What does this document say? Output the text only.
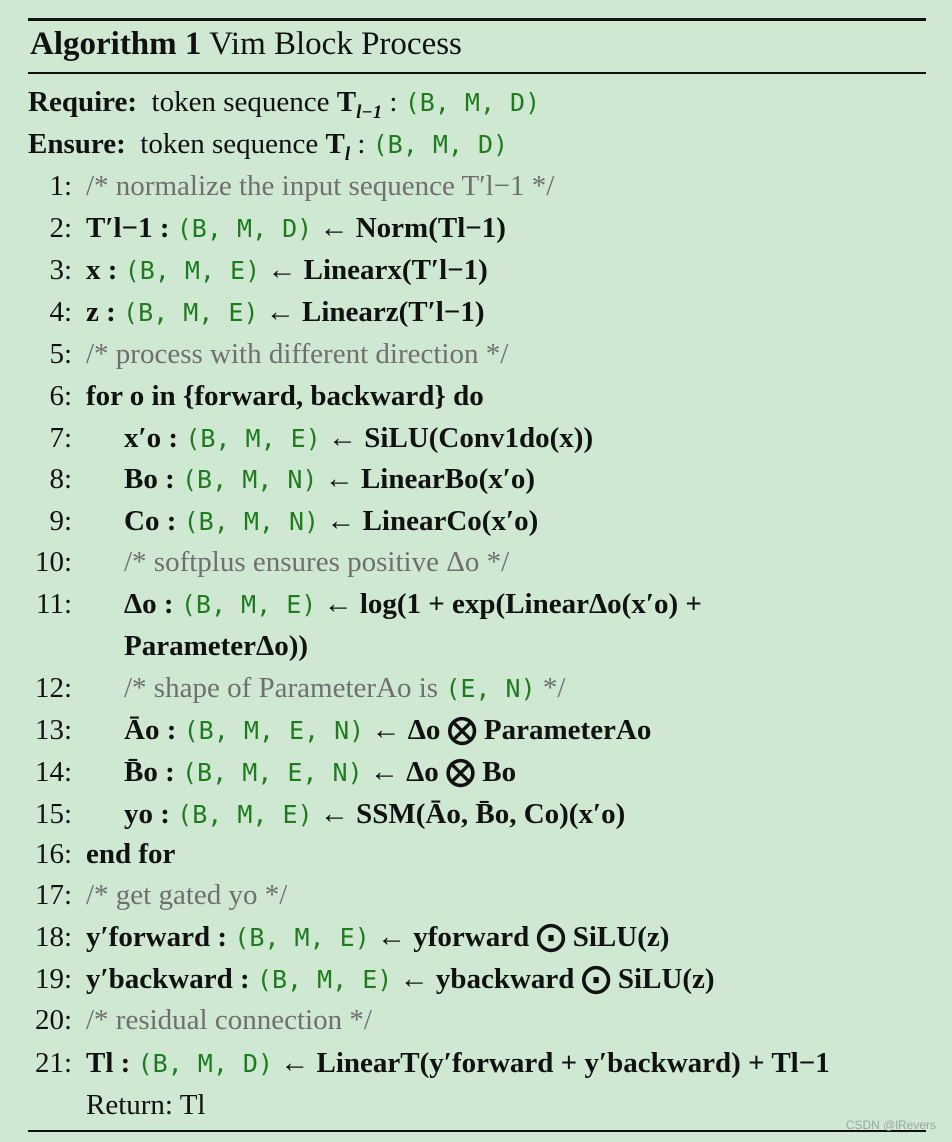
Algorithm 1 Vim Block Process
Require: token sequence $T_{l-1}$ : (B, M, D)
Ensure: token sequence $T_l$ : (B, M, D)
1: /* normalize the input sequence T′l−1 */
2: T′l−1 : (B, M, D) ← Norm(Tl−1)
3: x : (B, M, E) ← Linearx(T′l−1)
4: z : (B, M, E) ← Linearz(T′l−1)
5: /* process with different direction */
6: for o in {forward, backward} do
7: x′o : (B, M, E) ← SiLU(Conv1do(x))
8: Bo : (B, M, N) ← LinearBo(x′o)
9: Co : (B, M, N) ← LinearCo(x′o)
10: /* softplus ensures positive Δo */
11: Δo : (B, M, E) ← log(1 + exp(LinearΔo(x′o) +
ParameterΔo))
12: /* shape of ParameterAo is (E, N) */
13: Āo : (B, M, E, N) ← Δo ⨂ ParameterAo
14: B̄o : (B, M, E, N) ← Δo ⨂ Bo
15: yo : (B, M, E) ← SSM(Āo, B̄o, Co)(x′o)
16: end for
17: /* get gated yo */
18: y′forward : (B, M, E) ← yforward ⨀ SiLU(z)
19: y′backward : (B, M, E) ← ybackward ⨀ SiLU(z)
20: /* residual connection */
21: Tl : (B, M, D) ← LinearT(y′forward + y′backward) + Tl−1
Return: Tl
CSDN @lRevers
